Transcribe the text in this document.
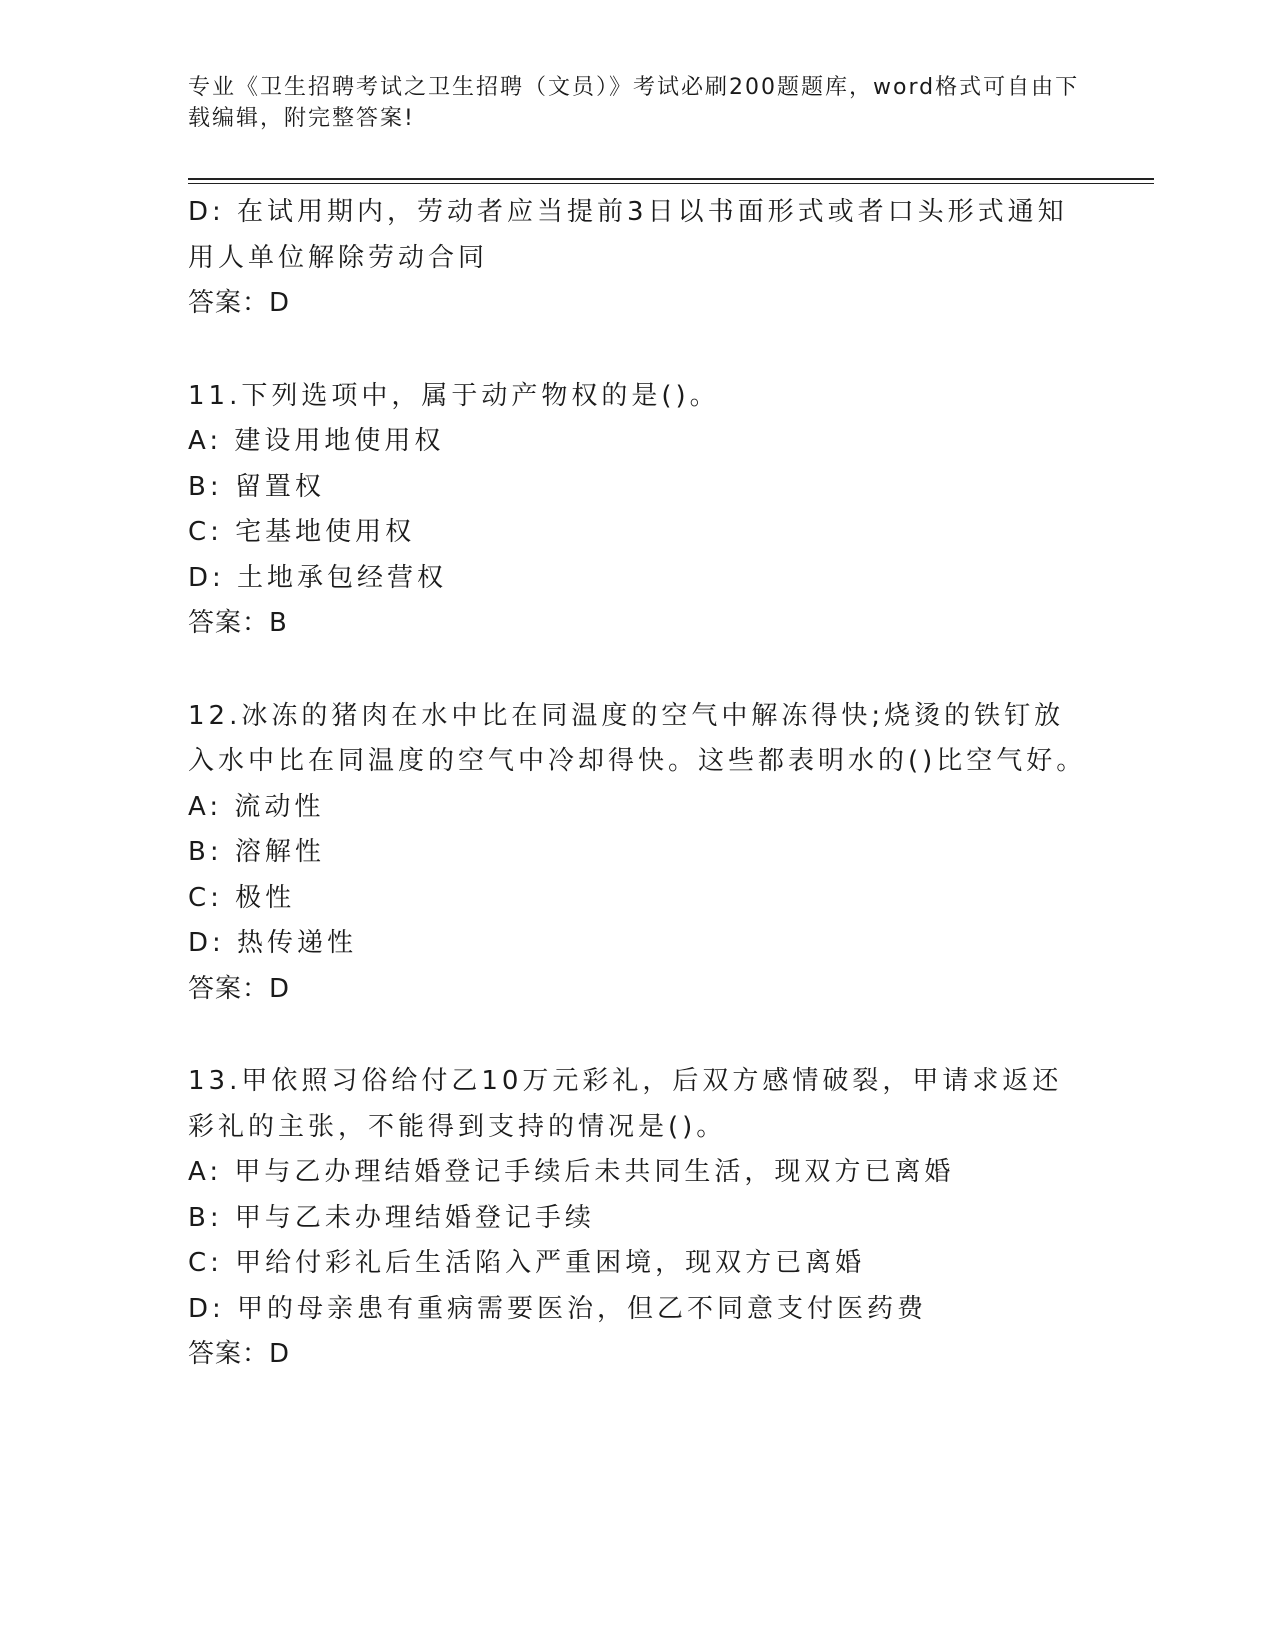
专业《卫生招聘考试之卫生招聘（文员）》考试必刷200题题库，word格式可自由下载编辑，附完整答案!
D: 在试用期内，劳动者应当提前3日以书面形式或者口头形式通知用人单位解除劳动合同
答案：D
11.下列选项中，属于动产物权的是()。
A: 建设用地使用权
B: 留置权
C: 宅基地使用权
D: 土地承包经营权
答案：B
12.冰冻的猪肉在水中比在同温度的空气中解冻得快;烧烫的铁钉放入水中比在同温度的空气中冷却得快。这些都表明水的()比空气好。
A: 流动性
B: 溶解性
C: 极性
D: 热传递性
答案：D
13.甲依照习俗给付乙10万元彩礼，后双方感情破裂，甲请求返还彩礼的主张，不能得到支持的情况是()。
A: 甲与乙办理结婚登记手续后未共同生活，现双方已离婚
B: 甲与乙未办理结婚登记手续
C: 甲给付彩礼后生活陷入严重困境，现双方已离婚
D: 甲的母亲患有重病需要医治，但乙不同意支付医药费
答案：D
